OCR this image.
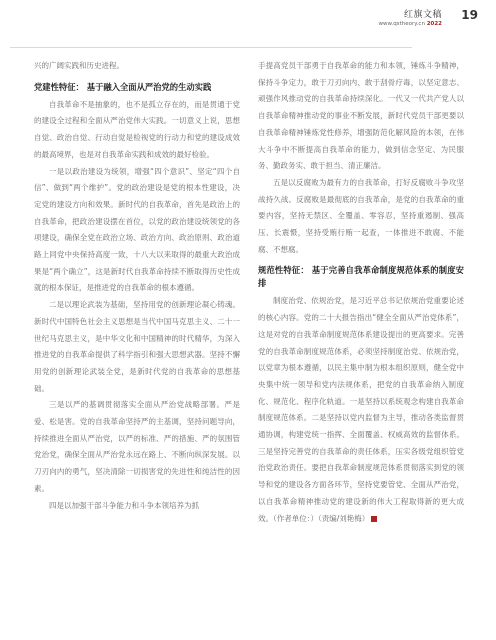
红旗文稿
www.qstheory.cn 2022
19

兴的广阔实践和历史进程。

党建性特征： 基于融入全面从严治党的生动实践

自我革命不是抽象的，也不是孤立存在的，而是贯通于党的建设全过程和全面从严治党伟大实践。一切意义上说，思想自觉、政治自觉、行动自觉是检视党的行动力和党的建设成效的最高境界，也是对自我革命实践和成效的最好检验。

一是以政治建设为统领，增强“四个意识”、坚定“四个自信”、做到“两个维护”。党的政治建设是党的根本性建设，决定党的建设方向和效果。新时代的自我革命，首先是政治上的自我革命，把政治建设摆在首位，以党的政治建设统领党的各项建设，确保全党在政治立场、政治方向、政治原则、政治道路上同党中央保持高度一致，十八大以来取得的最重大政治成果是“两个确立”，这是新时代自我革命持续不断取得历史性成就的根本保证，是推进党的自我革命的根本遵循。

二是以理论武装为基础，坚持用党的创新理论凝心铸魂。新时代中国特色社会主义思想是当代中国马克思主义、二十一世纪马克思主义，是中华文化和中国精神的时代精华，为深入推进党的自我革命提供了科学指引和强大思想武器。坚持不懈用党的创新理论武装全党，是新时代党的自我革命的思想基础。

三是以严的基调贯彻落实全面从严治党战略部署。严是爱、松是害。党的自我革命坚持严的主基调，坚持问题导向，持续推进全面从严治党，以严的标准、严的措施、严的氛围管党治党，确保全面从严治党永远在路上、不断向纵深发展。以刀刃向内的勇气，坚决清除一切损害党的先进性和纯洁性的因素。

四是以加强干部斗争能力和斗争本领培养为抓

手提高党员干部勇于自我革命的能力和本领，锤炼斗争精神，保持斗争定力，敢于刀刃向内、敢于刮骨疗毒，以坚定意志、顽强作风推动党的自我革命持续深化。一代又一代共产党人以自我革命精神推动党的事业不断发展，新时代党员干部更要以自我革命精神锤炼党性修养，增强防范化解风险的本领，在伟大斗争中不断提高自我革命的能力，做到信念坚定、为民服务、勤政务实、敢于担当、清正廉洁。

五是以反腐败为最有力的自我革命，打好反腐败斗争攻坚战持久战。反腐败是最彻底的自我革命，是党的自我革命的重要内容，坚持无禁区、全覆盖、零容忍，坚持重遏制、强高压、长震慑，坚持受贿行贿一起查，一体推进不敢腐、不能腐、不想腐。

规范性特征： 基于完善自我革命制度规范体系的制度安排

制度治党、依规治党，是习近平总书记依规治党重要论述的核心内容。党的二十大报告指出“健全全面从严治党体系”，这是对党的自我革命制度规范体系建设提出的更高要求。完善党的自我革命制度规范体系，必须坚持制度治党、依规治党，以党章为根本遵循，以民主集中制为根本组织原则，健全党中央集中统一领导和党内法规体系，把党的自我革命纳入制度化、规范化、程序化轨道。一是坚持以系统观念构建自我革命制度规范体系。二是坚持以党内监督为主导，推动各类监督贯通协调，构建党统一指挥、全面覆盖、权威高效的监督体系。三是坚持完善党的自我革命的责任体系，压实各级党组织管党治党政治责任。要把自我革命制度规范体系贯彻落实到党的领导和党的建设各方面各环节，坚持党要管党、全面从严治党，以自我革命精神推动党的建设新的伟大工程取得新的更大成效。（作者单位：）（责编/刘艳梅）
